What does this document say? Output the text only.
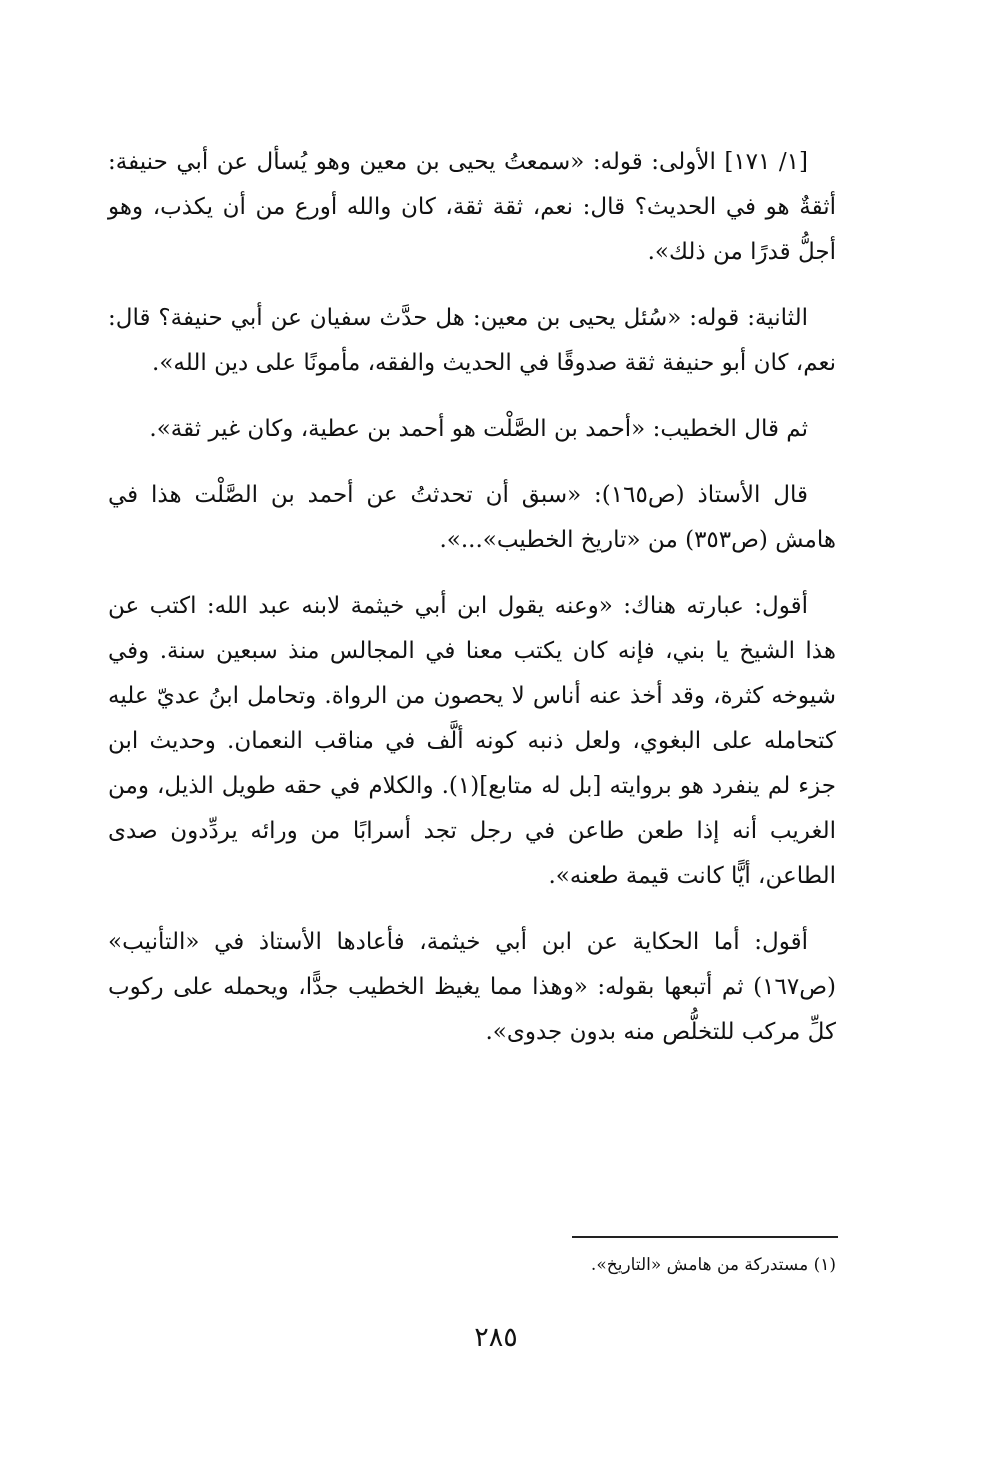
[١/ ١٧١] الأولى: قوله: «سمعتُ يحيى بن معين وهو يُسأل عن أبي حنيفة: أثقةٌ هو في الحديث؟ قال: نعم، ثقة ثقة، كان والله أورع من أن يكذب، وهو أجلُّ قدرًا من ذلك».

الثانية: قوله: «سُئل يحيى بن معين: هل حدَّث سفيان عن أبي حنيفة؟ قال: نعم، كان أبو حنيفة ثقة صدوقًا في الحديث والفقه، مأمونًا على دين الله».

ثم قال الخطيب: «أحمد بن الصَّلْت هو أحمد بن عطية، وكان غير ثقة».

قال الأستاذ (ص١٦٥): «سبق أن تحدثتُ عن أحمد بن الصَّلْت هذا في هامش (ص٣٥٣) من «تاريخ الخطيب»...».

أقول: عبارته هناك: «وعنه يقول ابن أبي خيثمة لابنه عبد الله: اكتب عن هذا الشيخ يا بني، فإنه كان يكتب معنا في المجالس منذ سبعين سنة. وفي شيوخه كثرة، وقد أخذ عنه أناس لا يحصون من الرواة. وتحامل ابنُ عديّ عليه كتحامله على البغوي، ولعل ذنبه كونه ألَّف في مناقب النعمان. وحديث ابن جزء لم ينفرد هو بروايته [بل له متابع](١). والكلام في حقه طويل الذيل، ومن الغريب أنه إذا طعن طاعن في رجل تجد أسرابًا من ورائه يردِّدون صدى الطاعن، أيًّا كانت قيمة طعنه».

أقول: أما الحكاية عن ابن أبي خيثمة، فأعادها الأستاذ في «التأنيب» (ص١٦٧) ثم أتبعها بقوله: «وهذا مما يغيظ الخطيب جدًّا، ويحمله على ركوب كلِّ مركب للتخلُّص منه بدون جدوى».

(١) مستدركة من هامش «التاريخ».
٢٨٥
